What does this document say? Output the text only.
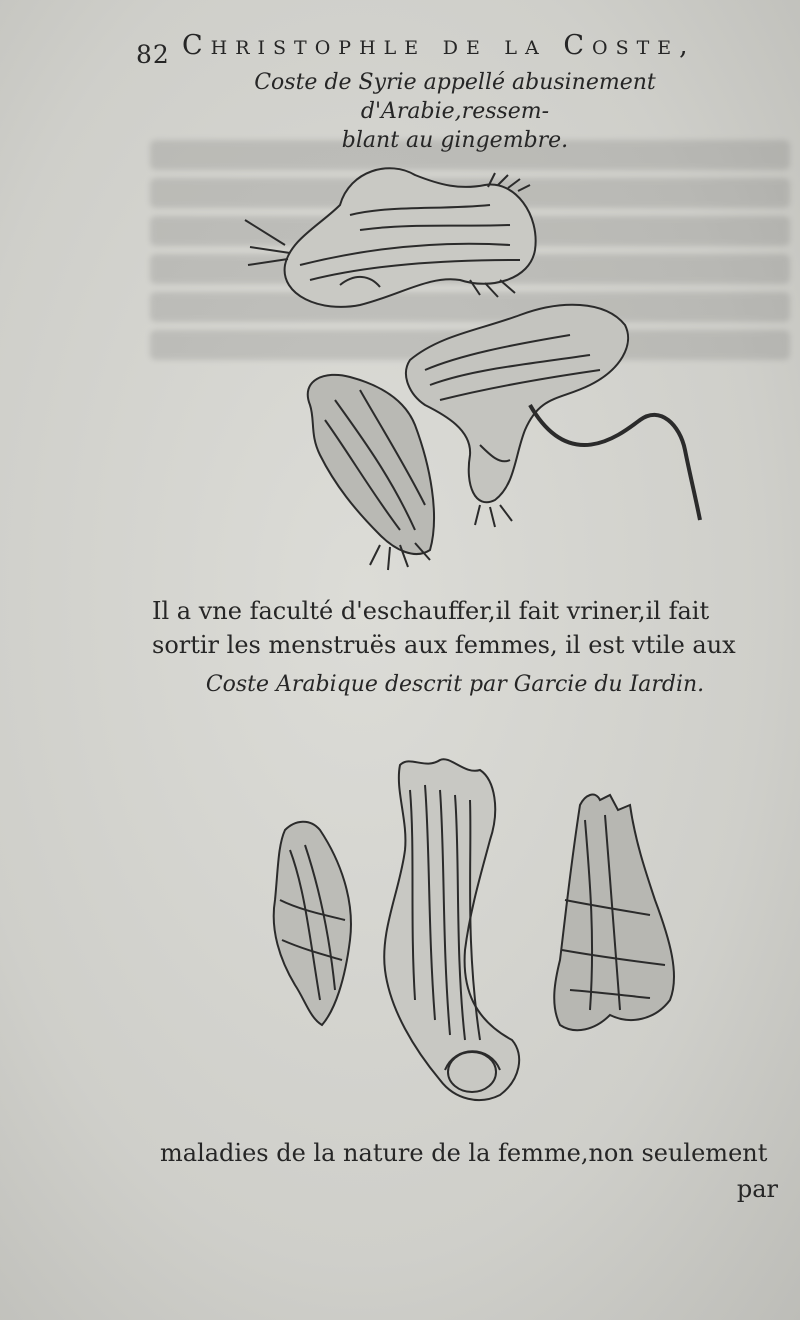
82 Christophle de la Coste,
Coste de Syrie appellé abusinement d'Arabie,ressem-
blant au gingembre.
Il a vne faculté d'eschauffer,il fait vriner,il fait
sortir les menstruës aux femmes, il est vtile aux
Coste Arabique descrit par Garcie du Iardin.
maladies de la nature de la femme,non seulement
par
